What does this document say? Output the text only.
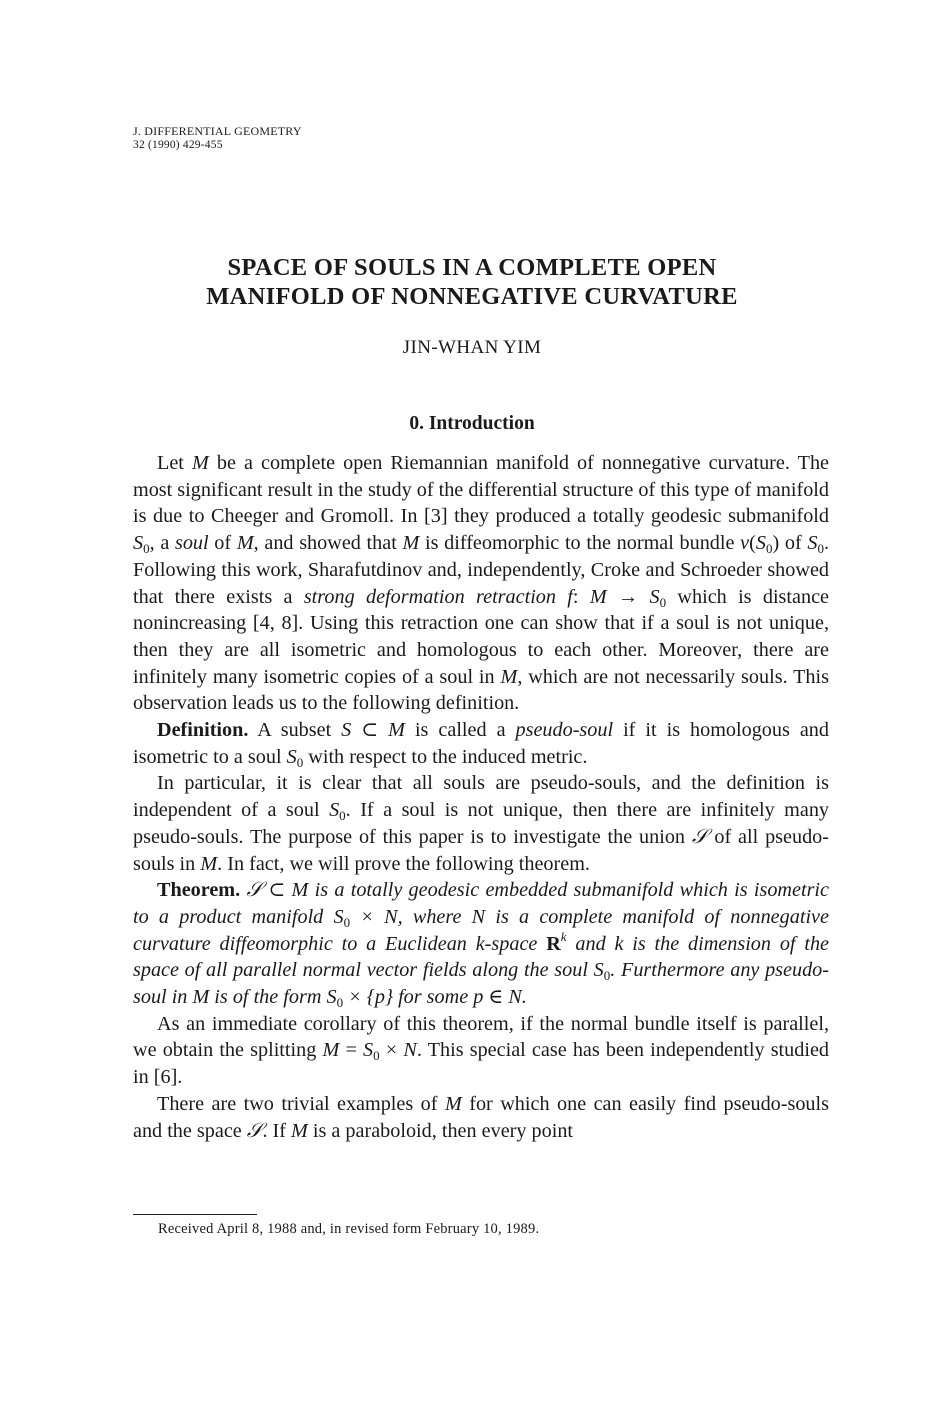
J. DIFFERENTIAL GEOMETRY
32 (1990) 429-455
SPACE OF SOULS IN A COMPLETE OPEN
MANIFOLD OF NONNEGATIVE CURVATURE
JIN-WHAN YIM
0. Introduction

Let M be a complete open Riemannian manifold of nonnegative curvature. The most significant result in the study of the differential structure of this type of manifold is due to Cheeger and Gromoll. In [3] they produced a totally geodesic submanifold $S_0$, a soul of M, and showed that M is diffeomorphic to the normal bundle $\nu(S_0)$ of $S_0$. Following this work, Sharafutdinov and, independently, Croke and Schroeder showed that there exists a strong deformation retraction f: $M \to S_0$ which is distance nonincreasing [4, 8]. Using this retraction one can show that if a soul is not unique, then they are all isometric and homologous to each other. Moreover, there are infinitely many isometric copies of a soul in M, which are not necessarily souls. This observation leads us to the following definition.

Definition. A subset S ⊂ M is called a pseudo-soul if it is homologous and isometric to a soul $S_0$ with respect to the induced metric.

In particular, it is clear that all souls are pseudo-souls, and the definition is independent of a soul $S_0$. If a soul is not unique, then there are infinitely many pseudo-souls. The purpose of this paper is to investigate the union 𝒮 of all pseudo-souls in M. In fact, we will prove the following theorem.

Theorem. 𝒮 ⊂ M is a totally geodesic embedded submanifold which is isometric to a product manifold $S_0 \times N$, where N is a complete manifold of nonnegative curvature diffeomorphic to a Euclidean k-space $R^k$ and k is the dimension of the space of all parallel normal vector fields along the soul $S_0$. Furthermore any pseudo-soul in M is of the form $S_0 \times \{p\}$ for some p ∈ N.

As an immediate corollary of this theorem, if the normal bundle itself is parallel, we obtain the splitting $M = S_0 \times N$. This special case has been independently studied in [6].

There are two trivial examples of M for which one can easily find pseudo-souls and the space 𝒮. If M is a paraboloid, then every point

Received April 8, 1988 and, in revised form February 10, 1989.
